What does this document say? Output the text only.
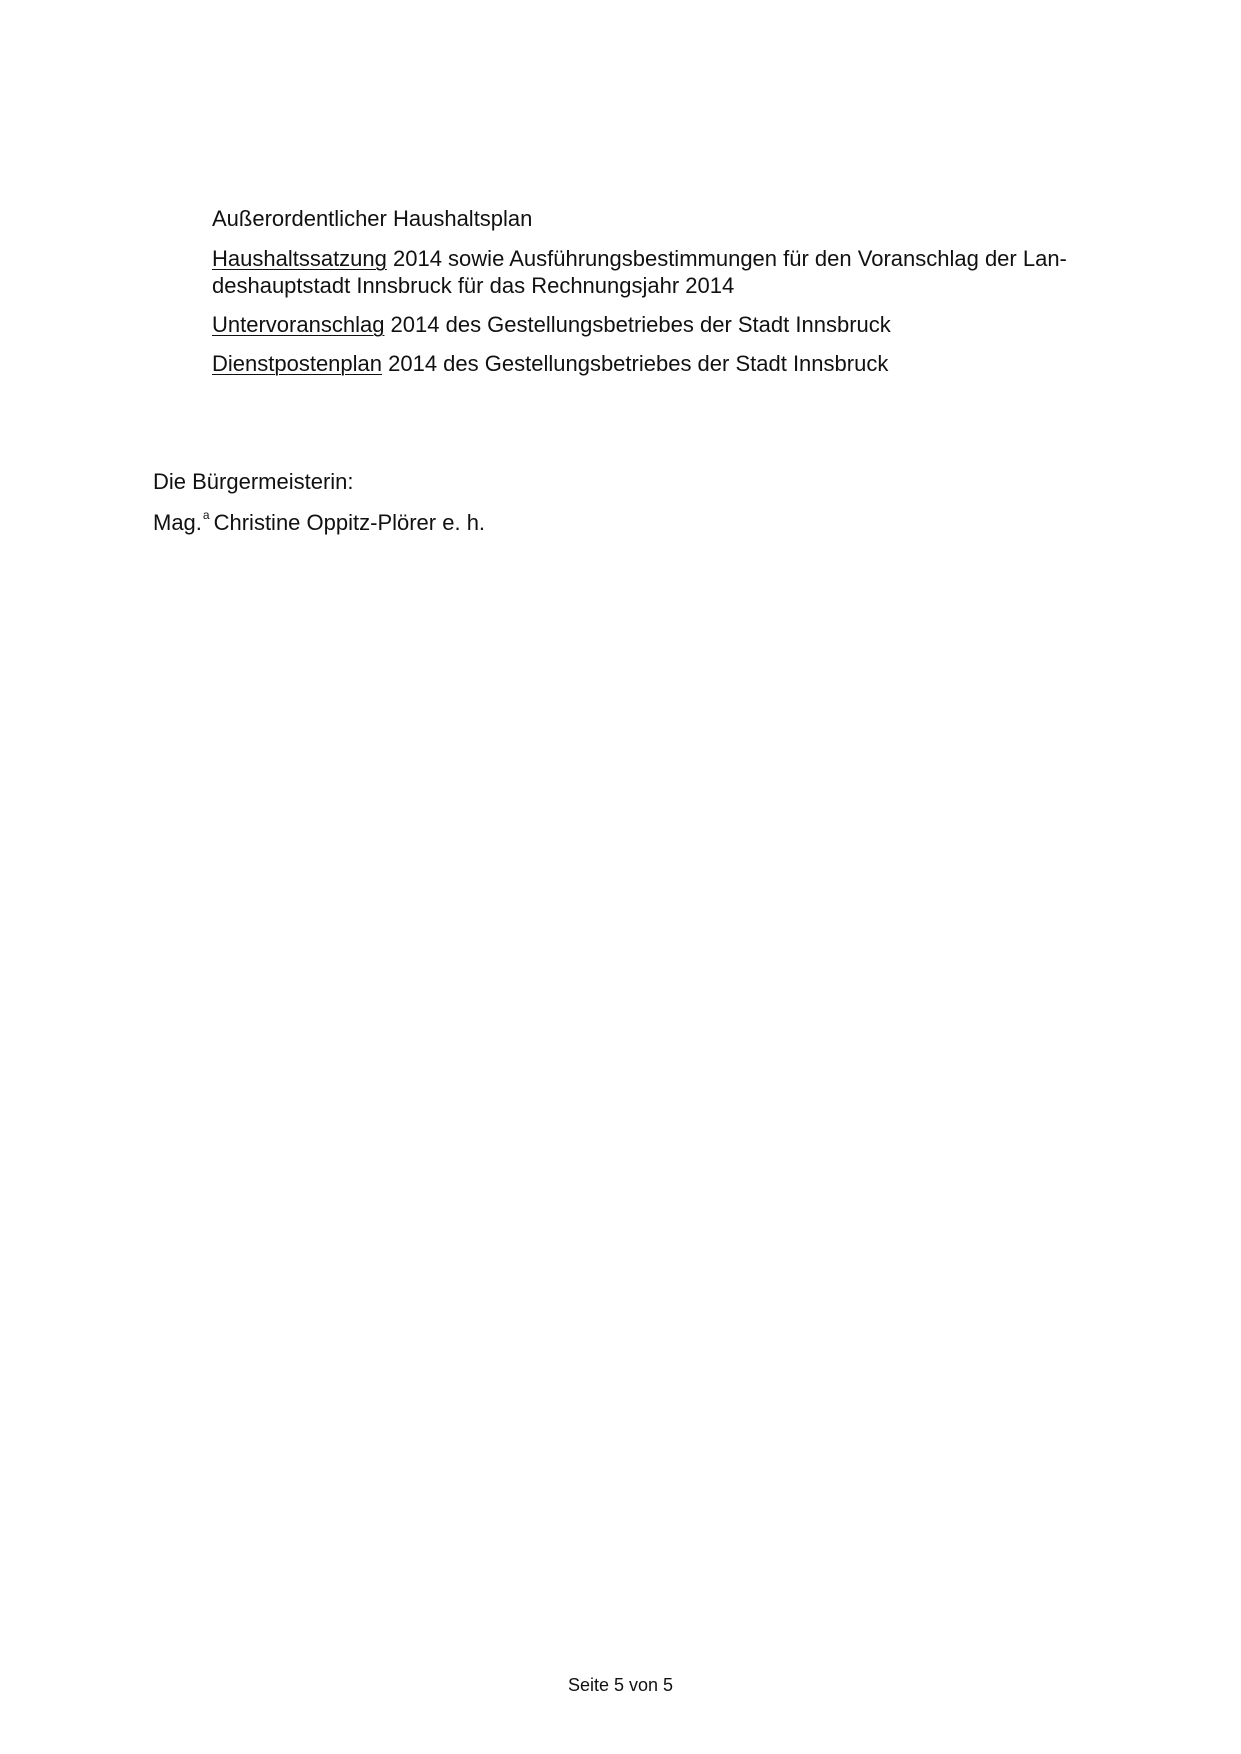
Außerordentlicher Haushaltsplan
Haushaltssatzung 2014 sowie Ausführungsbestimmungen für den Voranschlag der Lan-
deshauptstadt Innsbruck für das Rechnungsjahr 2014
Untervoranschlag 2014 des Gestellungsbetriebes der Stadt Innsbruck
Dienstpostenplan 2014 des Gestellungsbetriebes der Stadt Innsbruck
Die Bürgermeisterin:
Mag.$^a$ Christine Oppitz-Plörer e. h.
Seite 5 von 5
